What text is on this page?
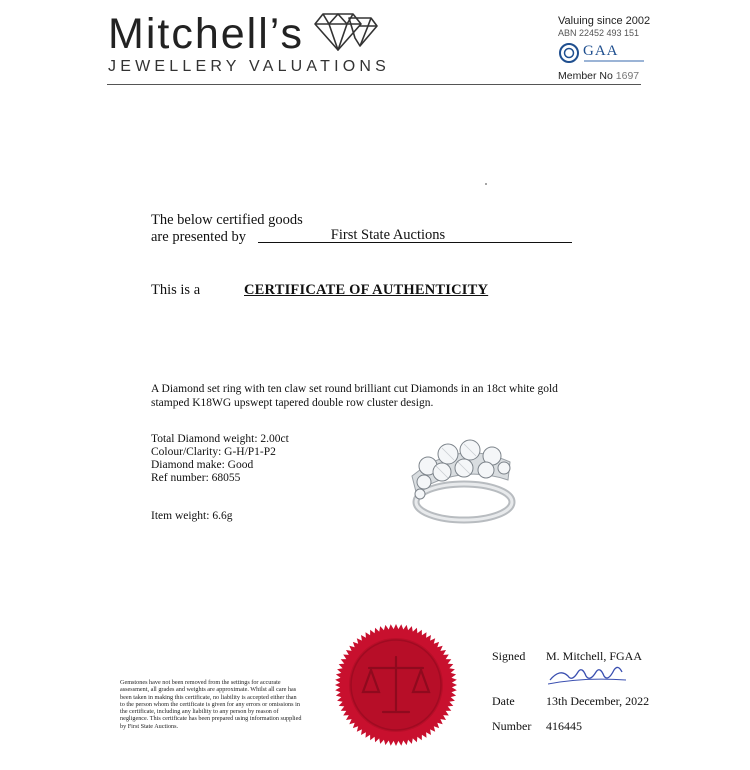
Mitchell’s
JEWELLERY VALUATIONS
Valuing since 2002
ABN 22452 493 151
GAA
Member No 1697
The below certified goods
are presented by	First State Auctions
This is a	CERTIFICATE OF AUTHENTICITY
A Diamond set ring with ten claw set round brilliant cut Diamonds in an 18ct white gold stamped K18WG upswept tapered double row cluster design.
Total Diamond weight: 2.00ct
Colour/Clarity: G-H/P1-P2
Diamond make: Good
Ref number: 68055
Item weight: 6.6g
Gemstones have not been removed from the settings for accurate assessment, all grades and weights are approximate. Whilst all care has been taken in making this certificate, no liability is accepted either than to the person whom the certificate is given for any errors or omissions in the certificate, including any liability to any person by reason of negligence. This certificate has been prepared using information supplied by First State Auctions.
Signed M. Mitchell, FGAA
Date	13th December, 2022
Number 416445
